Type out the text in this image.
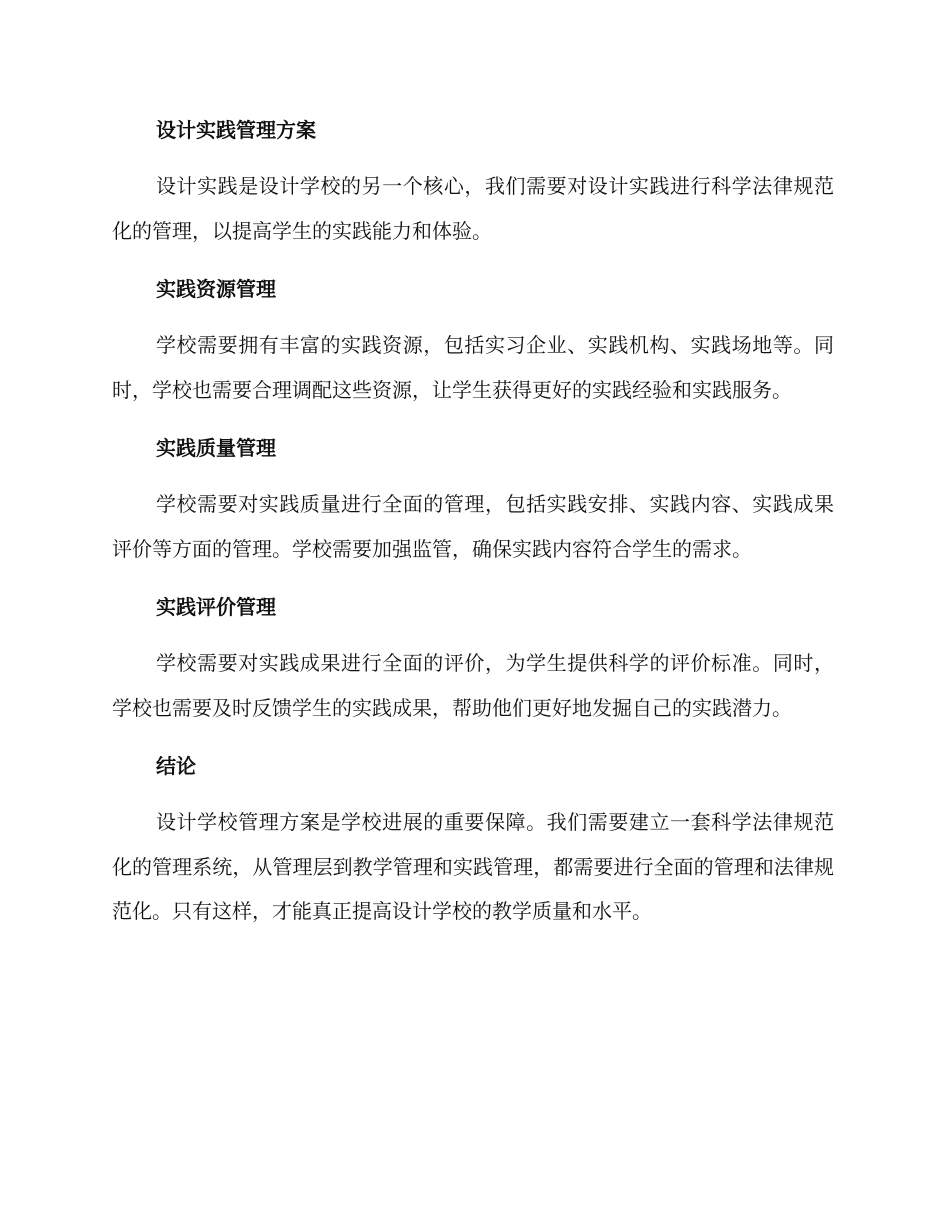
设计实践管理方案

设计实践是设计学校的另一个核心，我们需要对设计实践进行科学法律规范化的管理，以提高学生的实践能力和体验。

实践资源管理

学校需要拥有丰富的实践资源，包括实习企业、实践机构、实践场地等。同时，学校也需要合理调配这些资源，让学生获得更好的实践经验和实践服务。

实践质量管理

学校需要对实践质量进行全面的管理，包括实践安排、实践内容、实践成果评价等方面的管理。学校需要加强监管，确保实践内容符合学生的需求。

实践评价管理

学校需要对实践成果进行全面的评价，为学生提供科学的评价标准。同时，学校也需要及时反馈学生的实践成果，帮助他们更好地发掘自己的实践潜力。

结论

设计学校管理方案是学校进展的重要保障。我们需要建立一套科学法律规范化的管理系统，从管理层到教学管理和实践管理，都需要进行全面的管理和法律规范化。只有这样，才能真正提高设计学校的教学质量和水平。
